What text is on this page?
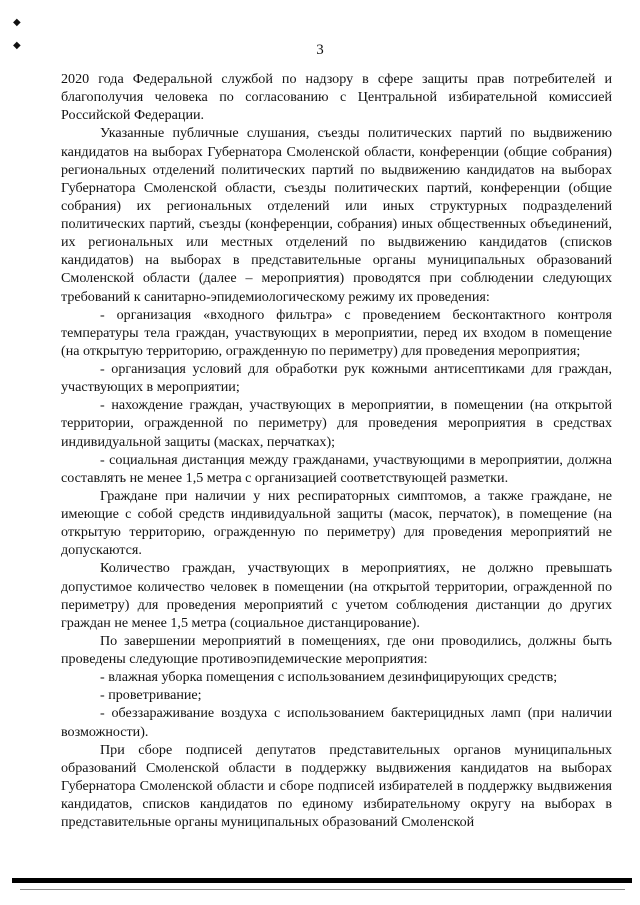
◆
◆	3

2020 года Федеральной службой по надзору в сфере защиты прав потребителей и благополучия человека по согласованию с Центральной избирательной комиссией Российской Федерации.

Указанные публичные слушания, съезды политических партий по выдвижению кандидатов на выборах Губернатора Смоленской области, конференции (общие собрания) региональных отделений политических партий по выдвижению кандидатов на выборах Губернатора Смоленской области, съезды политических партий, конференции (общие собрания) их региональных отделений или иных структурных подразделений политических партий, съезды (конференции, собрания) иных общественных объединений, их региональных или местных отделений по выдвижению кандидатов (списков кандидатов) на выборах в представительные органы муниципальных образований Смоленской области (далее – мероприятия) проводятся при соблюдении следующих требований к санитарно-эпидемиологическому режиму их проведения:

- организация «входного фильтра» с проведением бесконтактного контроля температуры тела граждан, участвующих в мероприятии, перед их входом в помещение (на открытую территорию, огражденную по периметру) для проведения мероприятия;

- организация условий для обработки рук кожными антисептиками для граждан, участвующих в мероприятии;

- нахождение граждан, участвующих в мероприятии, в помещении (на открытой территории, огражденной по периметру) для проведения мероприятия в средствах индивидуальной защиты (масках, перчатках);

- социальная дистанция между гражданами, участвующими в мероприятии, должна составлять не менее 1,5 метра с организацией соответствующей разметки.

Граждане при наличии у них респираторных симптомов, а также граждане, не имеющие с собой средств индивидуальной защиты (масок, перчаток), в помещение (на открытую территорию, огражденную по периметру) для проведения мероприятий не допускаются.

Количество граждан, участвующих в мероприятиях, не должно превышать допустимое количество человек в помещении (на открытой территории, огражденной по периметру) для проведения мероприятий с учетом соблюдения дистанции до других граждан не менее 1,5 метра (социальное дистанцирование).

По завершении мероприятий в помещениях, где они проводились, должны быть проведены следующие противоэпидемические мероприятия:

- влажная уборка помещения с использованием дезинфицирующих средств;

- проветривание;

- обеззараживание воздуха с использованием бактерицидных ламп (при наличии возможности).

При сборе подписей депутатов представительных органов муниципальных образований Смоленской области в поддержку выдвижения кандидатов на выборах Губернатора Смоленской области и сборе подписей избирателей в поддержку выдвижения кандидатов, списков кандидатов по единому избирательному округу на выборах в представительные органы муниципальных образований Смоленской
